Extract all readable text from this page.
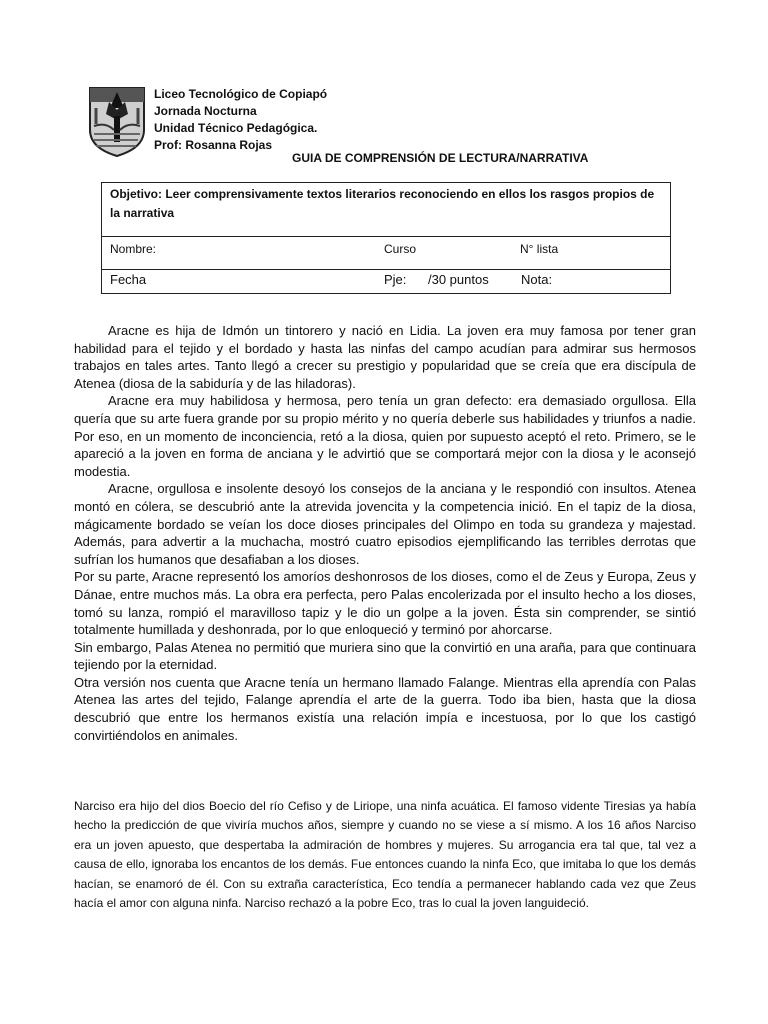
Liceo Tecnológico de Copiapó
Jornada Nocturna
Unidad Técnico Pedagógica.
Prof: Rosanna Rojas
GUIA DE COMPRENSIÓN DE LECTURA/NARRATIVA
Objetivo: Leer comprensivamente textos literarios reconociendo en ellos los rasgos propios de la narrativa
Nombre:	Curso	N° lista
Fecha	Pje: /30 puntos Nota:

Aracne es hija de Idmón un tintorero y nació en Lidia. La joven era muy famosa por tener gran habilidad para el tejido y el bordado y hasta las ninfas del campo acudían para admirar sus hermosos trabajos en tales artes. Tanto llegó a crecer su prestigio y popularidad que se creía que era discípula de Atenea (diosa de la sabiduría y de las hiladoras).

Aracne era muy habilidosa y hermosa, pero tenía un gran defecto: era demasiado orgullosa. Ella quería que su arte fuera grande por su propio mérito y no quería deberle sus habilidades y triunfos a nadie. Por eso, en un momento de inconciencia, retó a la diosa, quien por supuesto aceptó el reto. Primero, se le apareció a la joven en forma de anciana y le advirtió que se comportará mejor con la diosa y le aconsejó modestia.

Aracne, orgullosa e insolente desoyó los consejos de la anciana y le respondió con insultos. Atenea montó en cólera, se descubrió ante la atrevida jovencita y la competencia inició. En el tapiz de la diosa, mágicamente bordado se veían los doce dioses principales del Olimpo en toda su grandeza y majestad. Además, para advertir a la muchacha, mostró cuatro episodios ejemplificando las terribles derrotas que sufrían los humanos que desafiaban a los dioses.

Por su parte, Aracne representó los amoríos deshonrosos de los dioses, como el de Zeus y Europa, Zeus y Dánae, entre muchos más. La obra era perfecta, pero Palas encolerizada por el insulto hecho a los dioses, tomó su lanza, rompió el maravilloso tapiz y le dio un golpe a la joven. Ésta sin comprender, se sintió totalmente humillada y deshonrada, por lo que enloqueció y terminó por ahorcarse.

Sin embargo, Palas Atenea no permitió que muriera sino que la convirtió en una araña, para que continuara tejiendo por la eternidad.

Otra versión nos cuenta que Aracne tenía un hermano llamado Falange. Mientras ella aprendía con Palas Atenea las artes del tejido, Falange aprendía el arte de la guerra. Todo iba bien, hasta que la diosa descubrió que entre los hermanos existía una relación impía e incestuosa, por lo que los castigó convirtiéndolos en animales.

Narciso era hijo del dios Boecio del río Cefiso y de Liriope, una ninfa acuática. El famoso vidente Tiresias ya había hecho la predicción de que viviría muchos años, siempre y cuando no se viese a sí mismo. A los 16 años Narciso era un joven apuesto, que despertaba la admiración de hombres y mujeres. Su arrogancia era tal que, tal vez a causa de ello, ignoraba los encantos de los demás. Fue entonces cuando la ninfa Eco, que imitaba lo que los demás hacían, se enamoró de él. Con su extraña característica, Eco tendía a permanecer hablando cada vez que Zeus hacía el amor con alguna ninfa. Narciso rechazó a la pobre Eco, tras lo cual la joven languideció.
